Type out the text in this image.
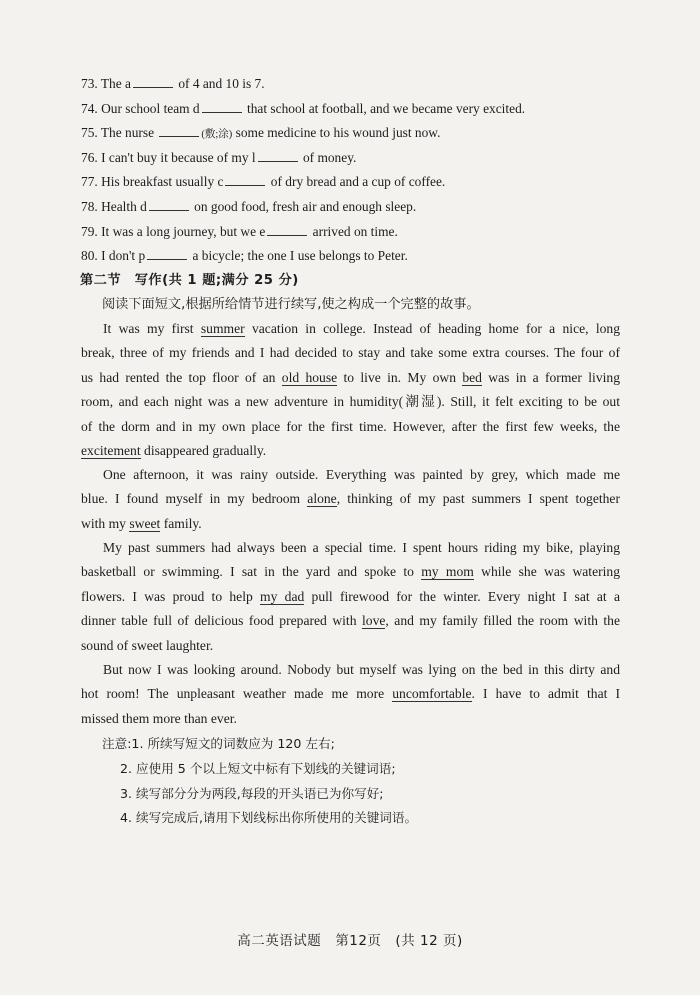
73. The a	of 4 and 10 is 7.
74. Our school team d	that school at football, and we became very excited.
75. The nurse	(敷;涂) some medicine to his wound just now.
76. I can't buy it because of my l	of money.
77. His breakfast usually c	of dry bread and a cup of coffee.
78. Health d	on good food, fresh air and enough sleep.
79. It was a long journey, but we e	arrived on time.
80. I don't p	a bicycle; the one I use belongs to Peter.
第二节　写作(共 1 题;满分 25 分)
阅读下面短文,根据所给情节进行续写,使之构成一个完整的故事。
It was my first summer vacation in college. Instead of heading home for a nice, long
break, three of my friends and I had decided to stay and take some extra courses. The four of
us had rented the top floor of an old house to live in. My own bed was in a former living
room, and each night was a new adventure in humidity(潮湿). Still, it felt exciting to be out
of the dorm and in my own place for the first time. However, after the first few weeks, the
excitement disappeared gradually.
One afternoon, it was rainy outside. Everything was painted by grey, which made me
blue. I found myself in my bedroom alone, thinking of my past summers I spent together
with my sweet family.
My past summers had always been a special time. I spent hours riding my bike, playing
basketball or swimming. I sat in the yard and spoke to my mom while she was watering
flowers. I was proud to help my dad pull firewood for the winter. Every night I sat at a
dinner table full of delicious food prepared with love, and my family filled the room with the
sound of sweet laughter.
But now I was looking around. Nobody but myself was lying on the bed in this dirty and
hot room! The unpleasant weather made me more uncomfortable. I have to admit that I
missed them more than ever.
注意:1. 所续写短文的词数应为 120 左右;
2. 应使用 5 个以上短文中标有下划线的关键词语;
3. 续写部分分为两段,每段的开头语已为你写好;
4. 续写完成后,请用下划线标出你所使用的关键词语。
高二英语试题　第12页　(共 12 页)
